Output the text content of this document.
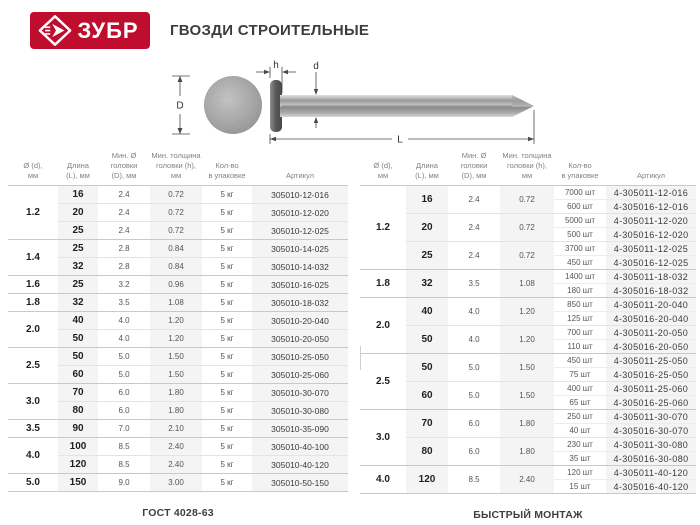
ЗУБР ГВОЗДИ СТРОИТЕЛЬНЫЕ
D
h	d
L
Ø (d),
мм

Длина
(L), мм

Мин. Ø головки
(D), мм

Мин. толщина
головки (h), мм

Кол-во
в упаковке	Артикул

1.2	16	2.4	0.72	5 кг	305010-12-016
	20	2.4	0.72	5 кг	305010-12-020
	25	2.4	0.72	5 кг	305010-12-025
1.4	25	2.8	0.84	5 кг	305010-14-025
	32	2.8	0.84	5 кг	305010-14-032
1.6	25	3.2	0.96	5 кг	305010-16-025
1.8	32	3.5	1.08	5 кг	305010-18-032
2.0	40	4.0	1.20	5 кг	305010-20-040
	50	4.0	1.20	5 кг	305010-20-050
2.5	50	5.0	1.50	5 кг	305010-25-050
	60	5.0	1.50	5 кг	305010-25-060
3.0	70	6.0	1.80	5 кг	305010-30-070
	80	6.0	1.80	5 кг	305010-30-080
3.5	90	7.0	2.10	5 кг	305010-35-090
4.0	100	8.5	2.40	5 кг	305010-40-100
	120	8.5	2.40	5 кг	305010-40-120
5.0	150	9.0	3.00	5 кг	305010-50-150
ГОСТ 4028-63
Ø (d),
мм

Длина
(L), мм

Мин. Ø головки
(D), мм

Мин. толщина
головки (h), мм

Кол-во
в упаковке	Артикул

1.2	16	2.4	0.72	7000 шт	4-305011-12-016
				600 шт	4-305016-12-016
	20	2.4	0.72	5000 шт	4-305011-12-020
				500 шт	4-305016-12-020
	25	2.4	0.72	3700 шт	4-305011-12-025
				450 шт	4-305016-12-025
1.8	32	3.5	1.08	1400 шт	4-305011-18-032
				180 шт	4-305016-18-032
2.0	40	4.0	1.20	850 шт	4-305011-20-040
				125 шт	4-305016-20-040
	50	4.0	1.20	700 шт	4-305011-20-050
				110 шт	4-305016-20-050
2.5	50	5.0	1.50	450 шт	4-305011-25-050
				75 шт	4-305016-25-050
	60	5.0	1.50	400 шт	4-305011-25-060
				65 шт	4-305016-25-060
3.0	70	6.0	1.80	250 шт	4-305011-30-070
				40 шт	4-305016-30-070
	80	6.0	1.80	230 шт	4-305011-30-080
				35 шт	4-305016-30-080
4.0	120	8.5	2.40	120 шт	4-305011-40-120
				15 шт	4-305016-40-120
БЫСТРЫЙ МОНТАЖ
